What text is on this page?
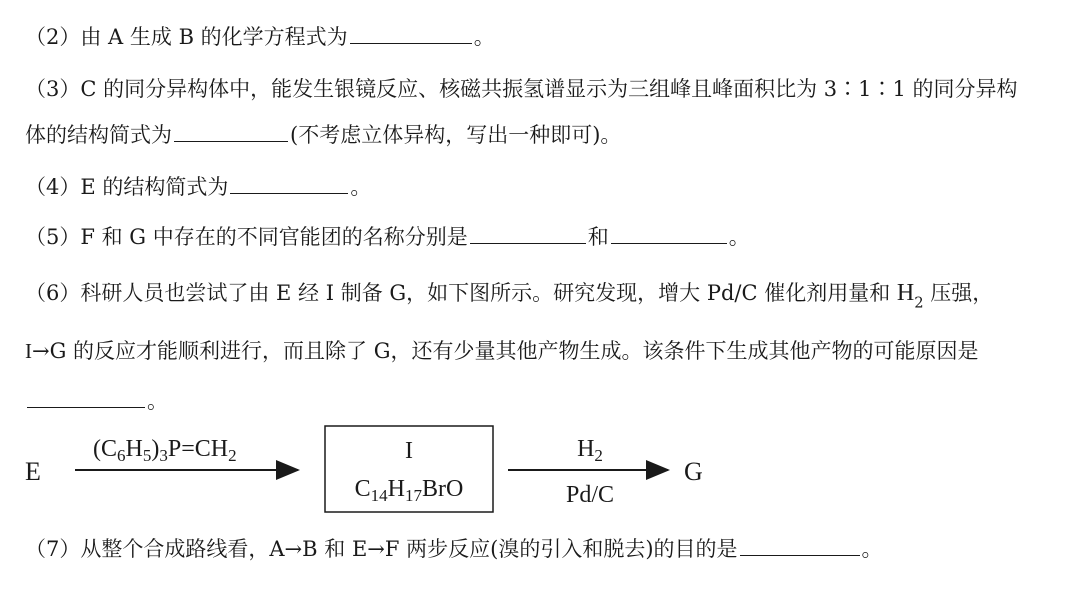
（2）由 A 生成 B 的化学方程式为	。
（3）C 的同分异构体中，能发生银镜反应、核磁共振氢谱显示为三组峰且峰面积比为 3∶1∶1 的同分异构
体的结构简式为	(不考虑立体异构，写出一种即可)。
（4）E 的结构简式为	。
（5）F 和 G 中存在的不同官能团的名称分别是	和	。
（6）科研人员也尝试了由 E 经 I 制备 G，如下图所示。研究发现，增大 Pd/C 催化剂用量和 $H_2$ 压强，
I→G 的反应才能顺利进行，而且除了 G，还有少量其他产物生成。该条件下生成其他产物的可能原因是
。
E
$(C_6H_5)_3P=CH_2$	I
$C_{14}H_{17}BrO$
$H_2$
Pd/C
G
（7）从整个合成路线看，A→B 和 E→F 两步反应(溴的引入和脱去)的目的是	。
